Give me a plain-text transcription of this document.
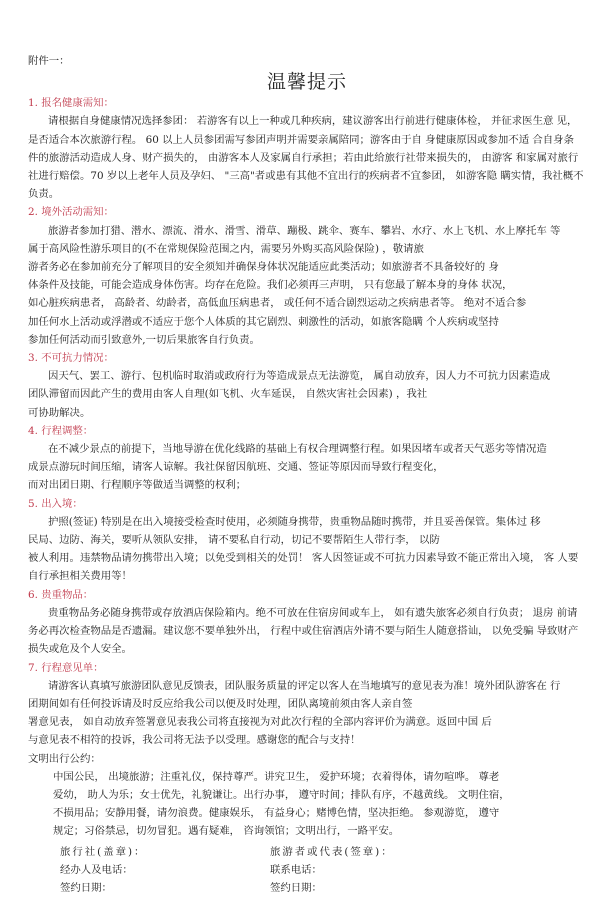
附件一：
温馨提示
1. 报名健康需知：
请根据自身健康情况选择参团： 若游客有以上一种或几种疾病，建议游客出行前进行健康体检， 并征求医生意 见，
是否适合本次旅游行程。 60 以上人员参团需写参团声明并需要亲属陪同；游客由于自 身健康原因或参加不适 合自身条
件的旅游活动造成人身、财产损失的， 由游客本人及家属自行承担；若由此给旅行社带来损失的， 由游客 和家属对旅行
社进行赔偿。70 岁以上老年人员及孕妇、 "三高"者或患有其他不宜出行的疾病者不宜参团， 如游客隐 瞒实情，我社概不
负责。
2. 境外活动需知：
旅游者参加打猎、潜水、漂流、滑水、滑雪、滑草、蹦极、跳伞、赛车、攀岩、水疗、水上飞机、水上摩托车 等
属于高风险性游乐项目的(不在常规保险范围之内，需要另外购买高风险保险) ，敬请旅
游者务必在参加前充分了解项目的安全须知并确保身体状况能适应此类活动；如旅游者不具备较好的 身
体条件及技能，可能会造成身体伤害。均存在危险。我们必须再三声明， 只有您最了解本身的身体 状况，
如心脏疾病患者， 高龄者、幼龄者，高低血压病患者， 或任何不适合剧烈运动之疾病患者等。 绝对不适合参
加任何水上活动或浮潜或不适应于您个人体质的其它剧烈、刺激性的活动，如旅客隐瞒 个人疾病或坚持
参加任何活动而引致意外,一切后果旅客自行负责。
3. 不可抗力情况：
因天气、罢工、游行、包机临时取消或政府行为等造成景点无法游览， 属自动放弃，因人力不可抗力因素造成
团队滞留而因此产生的费用由客人自理(如飞机、火车延误， 自然灾害社会因素) ，我社
可协助解决。
4. 行程调整：
在不减少景点的前提下，当地导游在优化线路的基础上有权合理调整行程。如果因堵车或者天气恶劣等情况造
成景点游玩时间压缩，请客人谅解。我社保留因航班、交通、签证等原因而导致行程变化，
而对出团日期、行程顺序等做适当调整的权利；
5. 出入境：
护照(签证) 特别是在出入境接受检查时使用，必须随身携带，贵重物品随时携带，并且妥善保管。集体过 移
民局、边防、海关，要听从领队安排， 请不要私自行动，切记不要帮陌生人带行李， 以防
被人利用。违禁物品请勿携带出入境；以免受到相关的处罚！ 客人因签证或不可抗力因素导致不能正常出入境， 客 人要
自行承担相关费用等！
6. 贵重物品：
贵重物品务必随身携带或存放酒店保险箱内。绝不可放在住宿房间或车上， 如有遗失旅客必须自行负责； 退房 前请
务必再次检查物品是否遗漏。建议您不要单独外出， 行程中或住宿酒店外请不要与陌生人随意搭讪， 以免受骗 导致财产
损失或危及个人安全。
7. 行程意见单：
请游客认真填写旅游团队意见反馈表，团队服务质量的评定以客人在当地填写的意见表为准！境外团队游客在 行
团期间如有任何投诉请及时反应给我公司以便及时处理，团队离境前须由客人亲自签
署意见表， 如自动放弃签署意见表我公司将直接视为对此次行程的全部内容评价为满意。返回中国 后
与意见表不相符的投诉，我公司将无法予以受理。感谢您的配合与支持！
文明出行公约：
中国公民， 出境旅游；注重礼仪，保持尊严。讲究卫生， 爱护环境；衣着得体，请勿喧哗。 尊老
爱幼， 助人为乐；女士优先，礼貌谦让。出行办事， 遵守时间；排队有序，不越黄线。 文明住宿，
不损用品；安静用餐，请勿浪费。健康娱乐， 有益身心；赌博色情，坚决拒绝。 参观游览， 遵守
规定；习俗禁忌，切勿冒犯。遇有疑难， 咨询领馆；文明出行，一路平安。
旅行社(盖章)：	旅游者或代表(签章)：
经办人及电话：	联系电话：
签约日期：	签约日期：
